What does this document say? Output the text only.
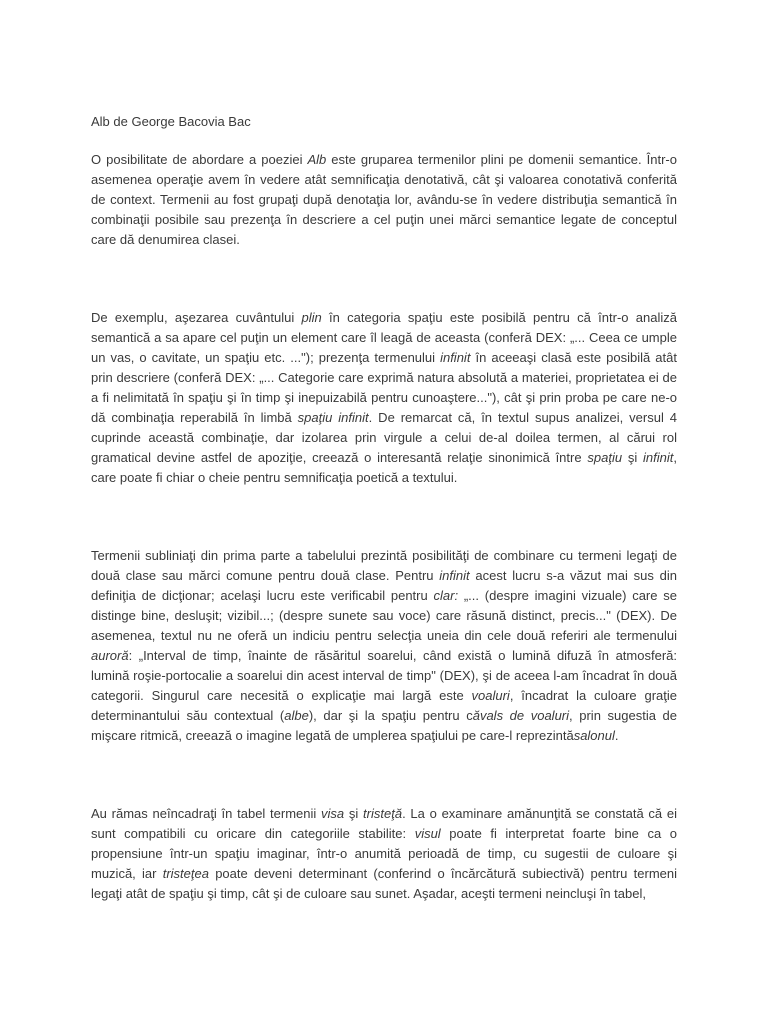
Alb de George Bacovia Bac

O posibilitate de abordare a poeziei Alb este gruparea termenilor plini pe domenii semantice. Într-o asemenea operaţie avem în vedere atât semnificaţia denotativă, cât şi valoarea conotativă conferită de context. Termenii au fost grupaţi după denotaţia lor, avându-se în vedere distribuţia semantică în combinaţii posibile sau prezenţa în descriere a cel puţin unei mărci semantice legate de conceptul care dă denumirea clasei.

De exemplu, aşezarea cuvântului plin în categoria spaţiu este posibilă pentru că într-o analiză semantică a sa apare cel puţin un element care îl leagă de aceasta (conferă DEX: „... Ceea ce umple un vas, o cavitate, un spaţiu etc. ..."); prezenţa termenului infinit în aceeaşi clasă este posibilă atât prin descriere (conferă DEX: „... Categorie care exprimă natura absolută a materiei, proprietatea ei de a fi nelimitată în spaţiu şi în timp şi inepuizabilă pentru cunoaştere..."), cât şi prin proba pe care ne-o dă combinaţia reperabilă în limbă spaţiu infinit. De remarcat că, în textul supus analizei, versul 4 cuprinde această combinaţie, dar izolarea prin virgule a celui de-al doilea termen, al cărui rol gramatical devine astfel de apoziţie, creează o interesantă relaţie sinonimică între spaţiu şi infinit, care poate fi chiar o cheie pentru semnificaţia poetică a textului.

Termenii subliniaţi din prima parte a tabelului prezintă posibilităţi de combinare cu termeni legaţi de două clase sau mărci comune pentru două clase. Pentru infinit acest lucru s-a văzut mai sus din definiţia de dicţionar; acelaşi lucru este verificabil pentru clar: „... (despre imagini vizuale) care se distinge bine, desluşit; vizibil...; (despre sunete sau voce) care răsună distinct, precis..." (DEX). De asemenea, textul nu ne oferă un indiciu pentru selecţia uneia din cele două referiri ale termenului auroră: „Interval de timp, înainte de răsăritul soarelui, când există o lumină difuză în atmosferă: lumină roşie-portocalie a soarelui din acest interval de timp" (DEX), şi de aceea l-am încadrat în două categorii. Singurul care necesită o explicaţie mai largă este voaluri, încadrat la culoare graţie determinantului său contextual (albe), dar şi la spaţiu pentru căvals de voaluri, prin sugestia de mişcare ritmică, creează o imagine legată de umplerea spaţiului pe care-l reprezintăsalonul.

Au rămas neîncadraţi în tabel termenii visa şi tristeţă. La o examinare amănunţită se constată că ei sunt compatibili cu oricare din categoriile stabilite: visul poate fi interpretat foarte bine ca o propensiune într-un spaţiu imaginar, într-o anumită perioadă de timp, cu sugestii de culoare şi muzică, iar tristeţea poate deveni determinant (conferind o încărcătură subiectivă) pentru termeni legaţi atât de spaţiu şi timp, cât şi de culoare sau sunet. Aşadar, aceşti termeni neincluşi în tabel,
